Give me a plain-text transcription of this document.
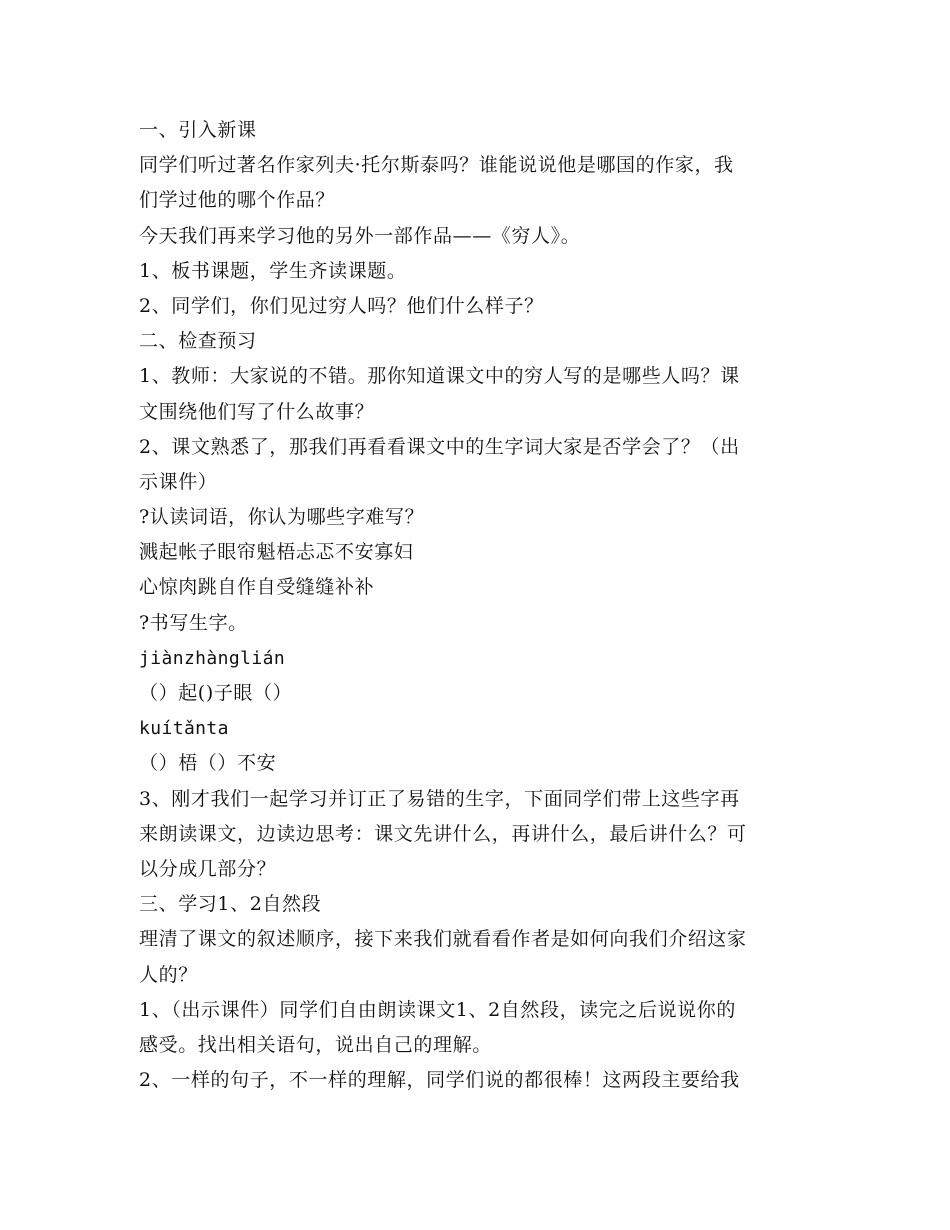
一、引入新课

同学们听过著名作家列夫·托尔斯泰吗？谁能说说他是哪国的作家，我

们学过他的哪个作品？

今天我们再来学习他的另外一部作品——《穷人》。

1、板书课题，学生齐读课题。

2、同学们，你们见过穷人吗？他们什么样子？

二、检查预习

1、教师：大家说的不错。那你知道课文中的穷人写的是哪些人吗？课

文围绕他们写了什么故事？

2、课文熟悉了，那我们再看看课文中的生字词大家是否学会了？（出

示课件）

?认读词语，你认为哪些字难写？

溅起帐子眼帘魁梧忐忑不安寡妇

心惊肉跳自作自受缝缝补补

?书写生字。

jiànzhànglián

（）起()子眼（）

kuítǎnta

（）梧（）不安

3、刚才我们一起学习并订正了易错的生字，下面同学们带上这些字再

来朗读课文，边读边思考：课文先讲什么，再讲什么，最后讲什么？可

以分成几部分？

三、学习1、2自然段

理清了课文的叙述顺序，接下来我们就看看作者是如何向我们介绍这家

人的？

1、（出示课件）同学们自由朗读课文1、2自然段，读完之后说说你的

感受。找出相关语句，说出自己的理解。

2、一样的句子，不一样的理解，同学们说的都很棒！这两段主要给我
